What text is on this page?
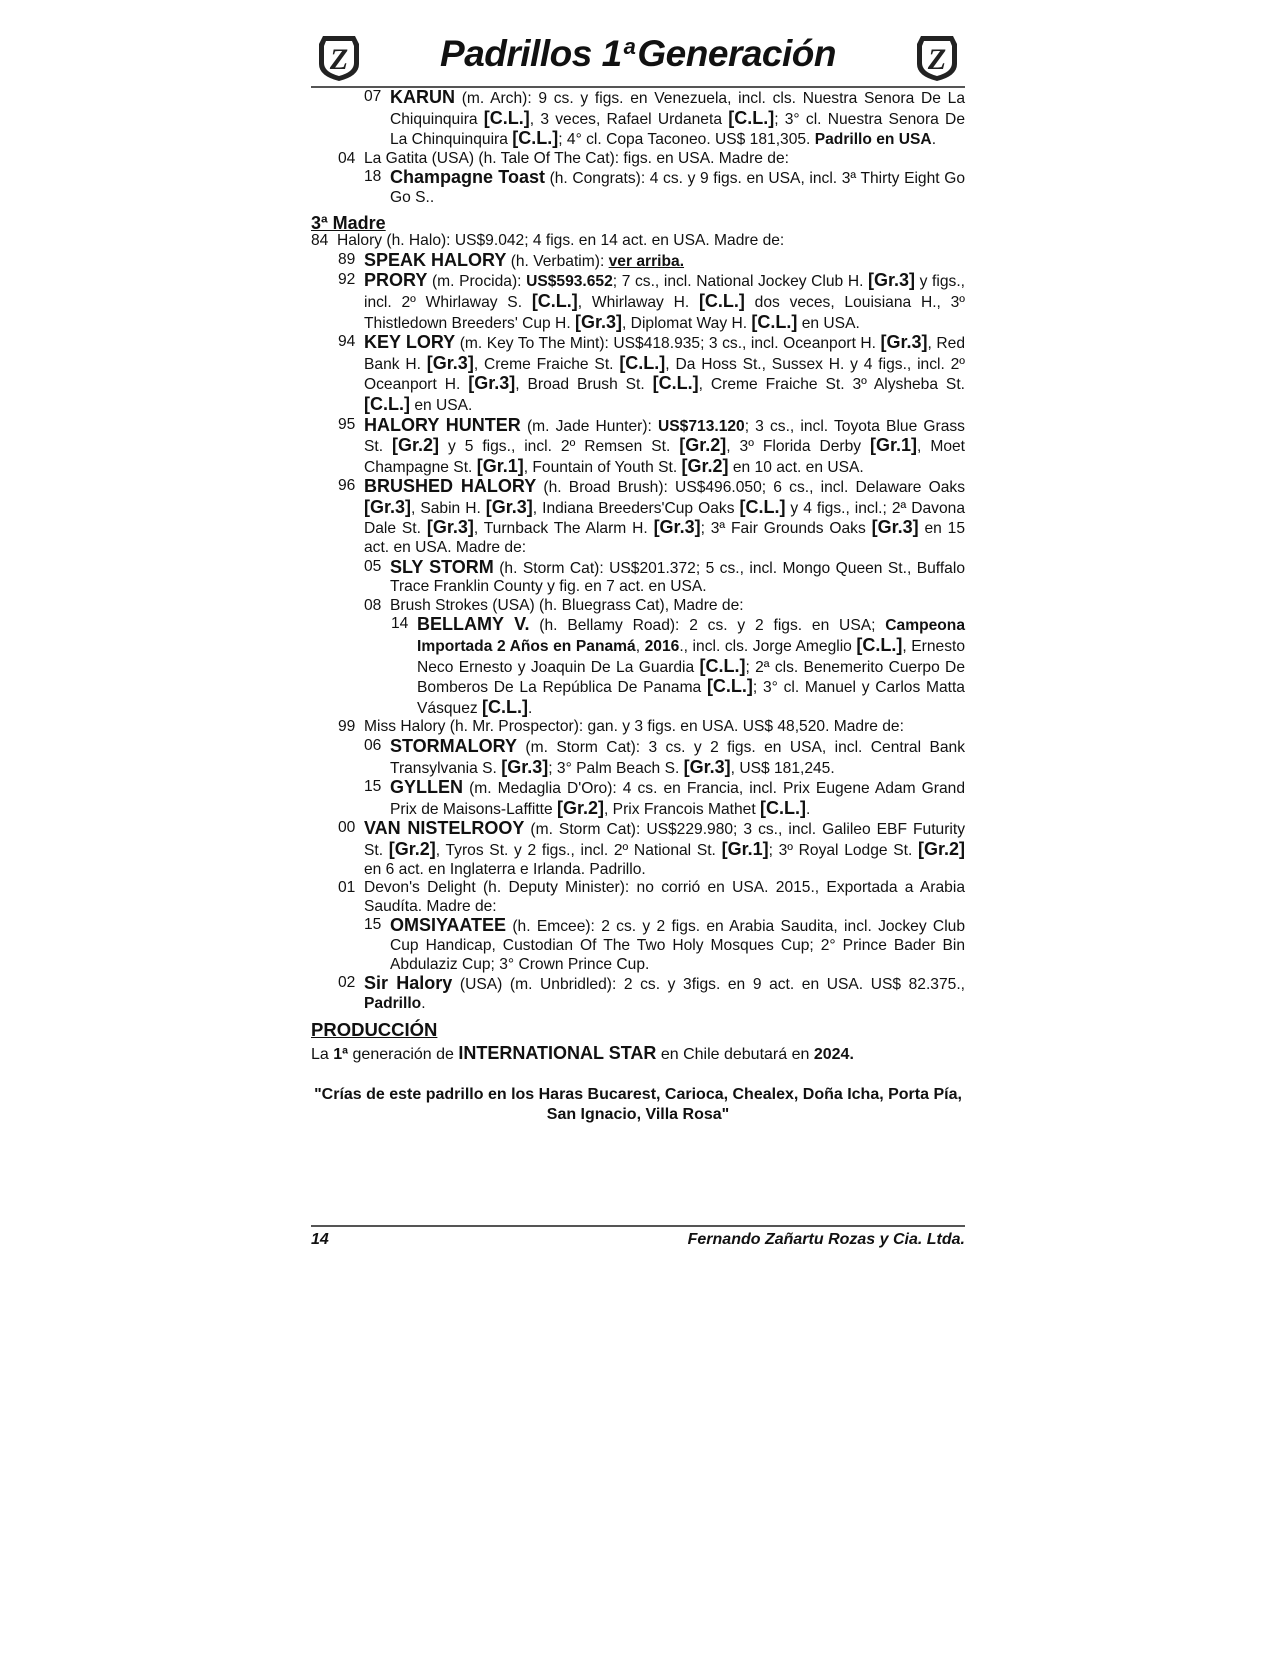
Z	Padrillos 1$^a$Generación	Z
07 KARUN (m. Arch): 9 cs. y figs. en Venezuela, incl. cls. Nuestra Senora De La Chiquinquira [C.L.], 3 veces, Rafael Urdaneta [C.L.]; 3° cl. Nuestra Senora De La Chinquinquira [C.L.]; 4° cl. Copa Taconeo. US$ 181,305. Padrillo en USA.
04 La Gatita (USA) (h. Tale Of The Cat): figs. en USA. Madre de:
18 Champagne Toast (h. Congrats): 4 cs. y 9 figs. en USA, incl. 3ª Thirty Eight Go Go S..
3ª Madre
84 Halory (h. Halo): US$9.042; 4 figs. en 14 act. en USA. Madre de:
89 SPEAK HALORY (h. Verbatim): ver arriba.
92 PRORY (m. Procida): US$593.652; 7 cs., incl. National Jockey Club H. [Gr.3] y figs., incl. 2º Whirlaway S. [C.L.], Whirlaway H. [C.L.] dos veces, Louisiana H., 3º Thistledown Breeders' Cup H. [Gr.3], Diplomat Way H. [C.L.] en USA.
94 KEY LORY (m. Key To The Mint): US$418.935; 3 cs., incl. Oceanport H. [Gr.3], Red Bank H. [Gr.3], Creme Fraiche St. [C.L.], Da Hoss St., Sussex H. y 4 figs., incl. 2º Oceanport H. [Gr.3], Broad Brush St. [C.L.], Creme Fraiche St. 3º Alysheba St. [C.L.] en USA.
95 HALORY HUNTER (m. Jade Hunter): US$713.120; 3 cs., incl. Toyota Blue Grass St. [Gr.2] y 5 figs., incl. 2º Remsen St. [Gr.2], 3º Florida Derby [Gr.1], Moet Champagne St. [Gr.1], Fountain of Youth St. [Gr.2] en 10 act. en USA.
96 BRUSHED HALORY (h. Broad Brush): US$496.050; 6 cs., incl. Delaware Oaks [Gr.3], Sabin H. [Gr.3], Indiana Breeders'Cup Oaks [C.L.] y 4 figs., incl.; 2ª Davona Dale St. [Gr.3], Turnback The Alarm H. [Gr.3]; 3ª Fair Grounds Oaks [Gr.3] en 15 act. en USA. Madre de:
05 SLY STORM (h. Storm Cat): US$201.372; 5 cs., incl. Mongo Queen St., Buffalo Trace Franklin County y fig. en 7 act. en USA.
08 Brush Strokes (USA) (h. Bluegrass Cat), Madre de:
14 BELLAMY V. (h. Bellamy Road): 2 cs. y 2 figs. en USA; Campeona Importada 2 Años en Panamá, 2016., incl. cls. Jorge Ameglio [C.L.], Ernesto Neco Ernesto y Joaquin De La Guardia [C.L.]; 2ª cls. Benemerito Cuerpo De Bomberos De La República De Panama [C.L.]; 3° cl. Manuel y Carlos Matta Vásquez [C.L.].
99 Miss Halory (h. Mr. Prospector): gan. y 3 figs. en USA. US$ 48,520. Madre de:
06 STORMALORY (m. Storm Cat): 3 cs. y 2 figs. en USA, incl. Central Bank Transylvania S. [Gr.3]; 3° Palm Beach S. [Gr.3], US$ 181,245.
15 GYLLEN (m. Medaglia D'Oro): 4 cs. en Francia, incl. Prix Eugene Adam Grand Prix de Maisons-Laffitte [Gr.2], Prix Francois Mathet [C.L.].
00 VAN NISTELROOY (m. Storm Cat): US$229.980; 3 cs., incl. Galileo EBF Futurity St. [Gr.2], Tyros St. y 2 figs., incl. 2º National St. [Gr.1]; 3º Royal Lodge St. [Gr.2] en 6 act. en Inglaterra e Irlanda. Padrillo.
01 Devon's Delight (h. Deputy Minister): no corrió en USA. 2015., Exportada a Arabia Saudíta. Madre de:
15 OMSIYAATEE (h. Emcee): 2 cs. y 2 figs. en Arabia Saudita, incl. Jockey Club Cup Handicap, Custodian Of The Two Holy Mosques Cup; 2° Prince Bader Bin Abdulaziz Cup; 3° Crown Prince Cup.
02 Sir Halory (USA) (m. Unbridled): 2 cs. y 3figs. en 9 act. en USA. US$ 82.375., Padrillo.
PRODUCCIÓN
La 1ª generación de INTERNATIONAL STAR en Chile debutará en 2024.
"Crías de este padrillo en los Haras Bucarest, Carioca, Chealex, Doña Icha, Porta Pía, San Ignacio, Villa Rosa"
14	Fernando Zañartu Rozas y Cia. Ltda.
